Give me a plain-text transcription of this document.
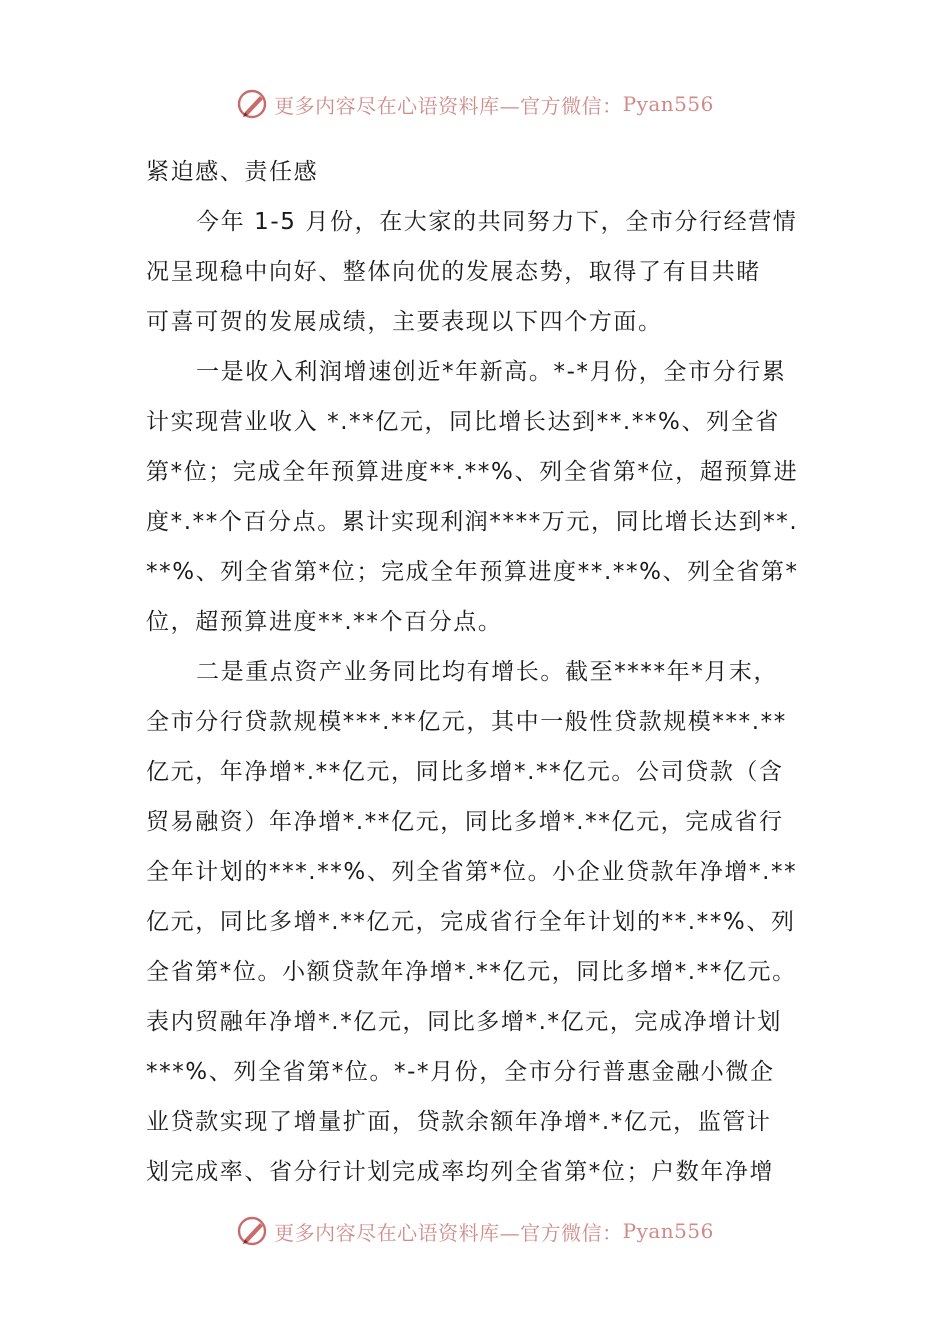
更多内容尽在心语资料库—官方微信： Pyan556
紧迫感、责任感
今年 1-5 月份，在大家的共同努力下，全市分行经营情
况呈现稳中向好、整体向优的发展态势，取得了有目共睹
可喜可贺的发展成绩，主要表现以下四个方面。
一是收入利润增速创近*年新高。*-*月份，全市分行累
计实现营业收入 *.**亿元，同比增长达到**.**%、列全省
第*位；完成全年预算进度**.**%、列全省第*位，超预算进
度*.**个百分点。累计实现利润****万元，同比增长达到**.
**%、列全省第*位；完成全年预算进度**.**%、列全省第*
位，超预算进度**.**个百分点。
二是重点资产业务同比均有增长。截至****年*月末，
全市分行贷款规模***.**亿元，其中一般性贷款规模***.**
亿元，年净增*.**亿元，同比多增*.**亿元。公司贷款（含
贸易融资）年净增*.**亿元，同比多增*.**亿元，完成省行
全年计划的***.**%、列全省第*位。小企业贷款年净增*.**
亿元，同比多增*.**亿元，完成省行全年计划的**.**%、列
全省第*位。小额贷款年净增*.**亿元，同比多增*.**亿元。
表内贸融年净增*.*亿元，同比多增*.*亿元，完成净增计划
***%、列全省第*位。*-*月份，全市分行普惠金融小微企
业贷款实现了增量扩面，贷款余额年净增*.*亿元，监管计
划完成率、省分行计划完成率均列全省第*位；户数年净增
更多内容尽在心语资料库—官方微信： Pyan556
